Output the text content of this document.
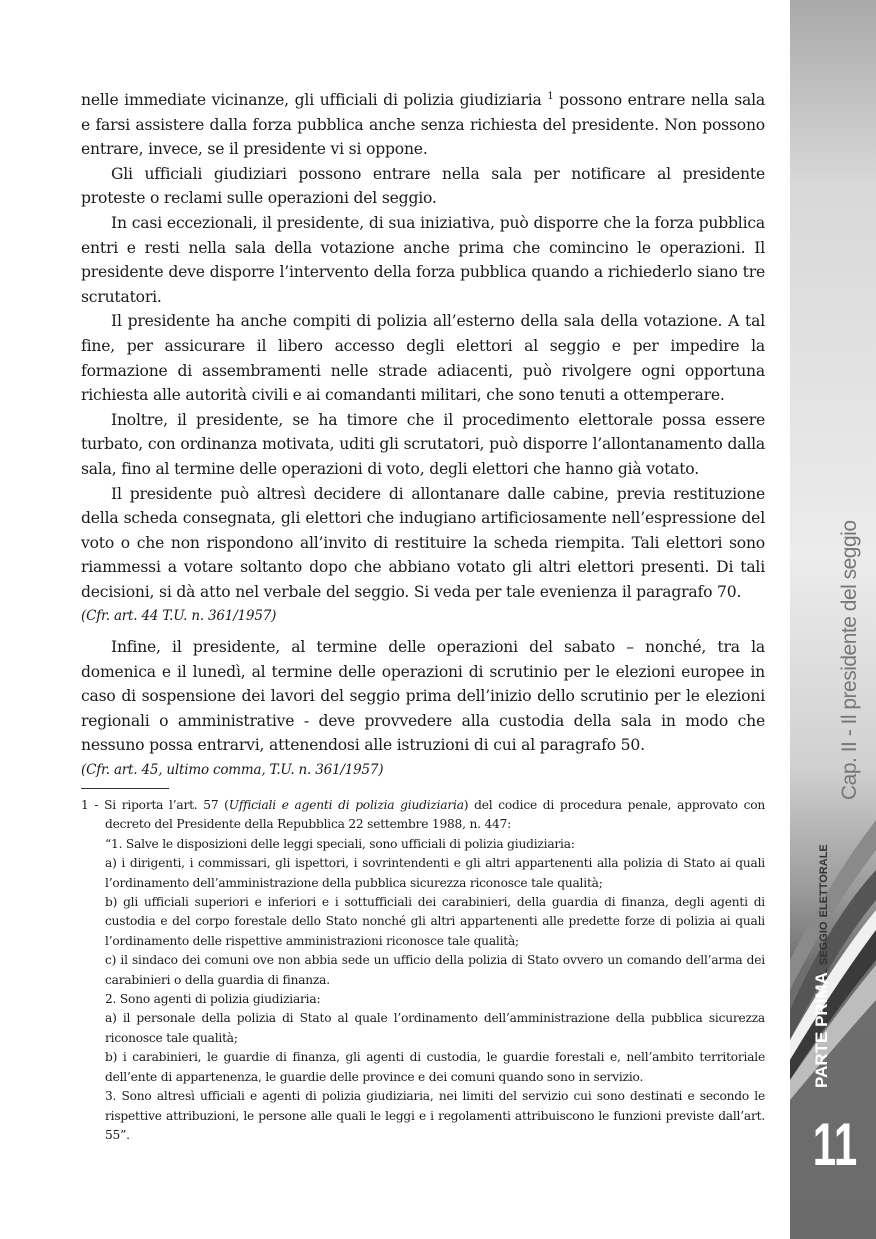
nelle immediate vicinanze, gli ufficiali di polizia giudiziaria $^1$ possono entrare nella sala e farsi assistere dalla forza pubblica anche senza richiesta del presidente. Non possono entrare, invece, se il presidente vi si oppone.

Gli ufficiali giudiziari possono entrare nella sala per notificare al presidente proteste o reclami sulle operazioni del seggio.

In casi eccezionali, il presidente, di sua iniziativa, può disporre che la forza pubblica entri e resti nella sala della votazione anche prima che comincino le operazioni. Il presidente deve disporre l’intervento della forza pubblica quando a richiederlo siano tre scrutatori.

Il presidente ha anche compiti di polizia all’esterno della sala della votazione. A tal fine, per assicurare il libero accesso degli elettori al seggio e per impedire la formazione di assembramenti nelle strade adiacenti, può rivolgere ogni opportuna richiesta alle autorità civili e ai comandanti militari, che sono tenuti a ottemperare.

Inoltre, il presidente, se ha timore che il procedimento elettorale possa essere turbato, con ordinanza motivata, uditi gli scrutatori, può disporre l’allontanamento dalla sala, fino al termine delle operazioni di voto, degli elettori che hanno già votato.

Il presidente può altresì decidere di allontanare dalle cabine, previa restituzione della scheda consegnata, gli elettori che indugiano artificiosamente nell’espressione del voto o che non rispondono all’invito di restituire la scheda riempita. Tali elettori sono riammessi a votare soltanto dopo che abbiano votato gli altri elettori presenti. Di tali decisioni, si dà atto nel verbale del seggio. Si veda per tale evenienza il paragrafo 70.

(Cfr. art. 44 T.U. n. 361/1957)

Infine, il presidente, al termine delle operazioni del sabato – nonché, tra la domenica e il lunedì, al termine delle operazioni di scrutinio per le elezioni europee in caso di sospensione dei lavori del seggio prima dell’inizio dello scrutinio per le elezioni regionali o amministrative - deve provvedere alla custodia della sala in modo che nessuno possa entrarvi, attenendosi alle istruzioni di cui al paragrafo 50.

(Cfr. art. 45, ultimo comma, T.U. n. 361/1957)

1 - Si riporta l’art. 57 (Ufficiali e agenti di polizia giudiziaria) del codice di procedura penale, approvato con decreto del Presidente della Repubblica 22 settembre 1988, n. 447:
“1. Salve le disposizioni delle leggi speciali, sono ufficiali di polizia giudiziaria:
a) i dirigenti, i commissari, gli ispettori, i sovrintendenti e gli altri appartenenti alla polizia di Stato ai quali l’ordinamento dell’amministrazione della pubblica sicurezza riconosce tale qualità;
b) gli ufficiali superiori e inferiori e i sottufficiali dei carabinieri, della guardia di finanza, degli agenti di custodia e del corpo forestale dello Stato nonché gli altri appartenenti alle predette forze di polizia ai quali l’ordinamento delle rispettive amministrazioni riconosce tale qualità;
c) il sindaco dei comuni ove non abbia sede un ufficio della polizia di Stato ovvero un comando dell’arma dei carabinieri o della guardia di finanza.
2. Sono agenti di polizia giudiziaria:
a) il personale della polizia di Stato al quale l’ordinamento dell’amministrazione della pubblica sicurezza riconosce tale qualità;
b) i carabinieri, le guardie di finanza, gli agenti di custodia, le guardie forestali e, nell’ambito territoriale dell’ente di appartenenza, le guardie delle province e dei comuni quando sono in servizio.
3. Sono altresì ufficiali e agenti di polizia giudiziaria, nei limiti del servizio cui sono destinati e secondo le rispettive attribuzioni, le persone alle quali le leggi e i regolamenti attribuiscono le funzioni previste dall’art. 55”.
Cap. II - Il presidente del seggio
Il seggio elettorale
PARTE PRIMA
11
